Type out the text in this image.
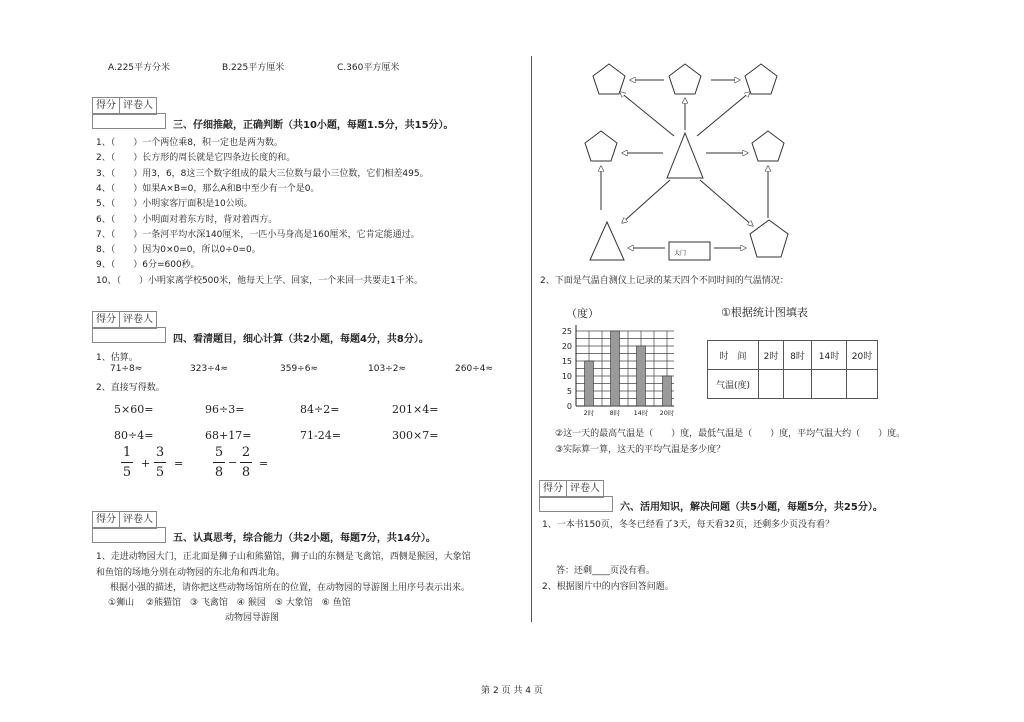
A.225平方分米	B.225平方厘米	C.360平方厘米
得分 评卷人
三、仔细推敲，正确判断（共10小题，每题1.5分，共15分）。
1、（　　）一个两位乘8，积一定也是两为数。
2、（　　）长方形的周长就是它四条边长度的和。
3、（　　）用3，6，8这三个数字组成的最大三位数与最小三位数，它们相差495。
4、（　　）如果A×B=0，那么A和B中至少有一个是0。
5、（　　）小明家客厅面积是10公顷。
6、（　　）小明面对着东方时，背对着西方。
7、（　　）一条河平均水深140厘米，一匹小马身高是160厘米，它肯定能通过。
8、（　　）因为0×0=0，所以0÷0=0。
9、（　　）6分=600秒。
10、（　　）小明家离学校500米，他每天上学、回家，一个来回一共要走1千米。
得分 评卷人
四、看清题目，细心计算（共2小题，每题4分，共8分）。
1、估算。
71÷8≈	323÷4≈	359÷6≈	103÷2≈	260÷4≈
2、直接写得数。
5×60=	96÷3=	84÷2=	201×4=
80÷4=	68+17=	71-24=	300×7=
1
5
+
3
5
=
5
8
−
2
8
=
得分 评卷人
五、认真思考，综合能力（共2小题，每题7分，共14分）。
1、走进动物园大门，正北面是狮子山和熊猫馆，狮子山的东侧是飞禽馆，西侧是猴园，大象馆
和鱼馆的场地分别在动物园的东北角和西北角。
根据小强的描述，请你把这些动物场馆所在的位置，在动物园的导游图上用序号表示出来。
①狮山　 ②熊猫馆　③ 飞禽馆　④ 猴园　⑤ 大象馆　⑥ 鱼馆
动物园导游图
大门
2、下面是气温自测仪上记录的某天四个不同时间的气温情况：
（度）	①根据统计图填表
0
5
10
15
20
25
2时 8时 14时 20时
时　间	2时	8时	14时	20时
气温(度)				
②这一天的最高气温是（　　）度，最低气温是（　　）度，平均气温大约（　　）度。
③实际算一算，这天的平均气温是多少度？
得分 评卷人
六、活用知识，解决问题（共5小题，每题5分，共25分）。
1、一本书150页，冬冬已经看了3天，每天看32页，还剩多少页没有看？
答：还剩____页没有看。
2、根据图片中的内容回答问题。
第 2 页 共 4 页
